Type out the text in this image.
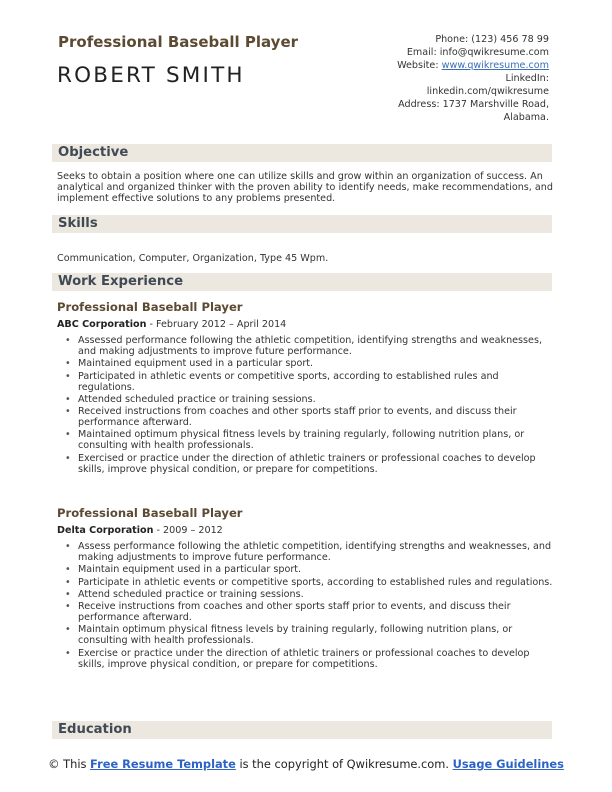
Professional Baseball Player
ROBERT SMITH
Phone: (123) 456 78 99
Email: info@qwikresume.com
Website: www.qwikresume.com
LinkedIn:
linkedin.com/qwikresume
Address: 1737 Marshville Road,
Alabama.
Objective
Seeks to obtain a position where one can utilize skills and grow within an organization of success. An analytical and organized thinker with the proven ability to identify needs, make recommendations, and implement effective solutions to any problems presented.
Skills
Communication, Computer, Organization, Type 45 Wpm.
Work Experience
Professional Baseball Player
ABC Corporation - February 2012 – April 2014
• Assessed performance following the athletic competition, identifying strengths and weaknesses, and making adjustments to improve future performance.
• Maintained equipment used in a particular sport.
• Participated in athletic events or competitive sports, according to established rules and regulations.
• Attended scheduled practice or training sessions.
• Received instructions from coaches and other sports staff prior to events, and discuss their performance afterward.
• Maintained optimum physical fitness levels by training regularly, following nutrition plans, or consulting with health professionals.
• Exercised or practice under the direction of athletic trainers or professional coaches to develop skills, improve physical condition, or prepare for competitions.
Professional Baseball Player
Delta Corporation - 2009 – 2012
• Assess performance following the athletic competition, identifying strengths and weaknesses, and making adjustments to improve future performance.
• Maintain equipment used in a particular sport.
• Participate in athletic events or competitive sports, according to established rules and regulations.
• Attend scheduled practice or training sessions.
• Receive instructions from coaches and other sports staff prior to events, and discuss their performance afterward.
• Maintain optimum physical fitness levels by training regularly, following nutrition plans, or consulting with health professionals.
• Exercise or practice under the direction of athletic trainers or professional coaches to develop skills, improve physical condition, or prepare for competitions.
Education
© This Free Resume Template is the copyright of Qwikresume.com. Usage Guidelines
